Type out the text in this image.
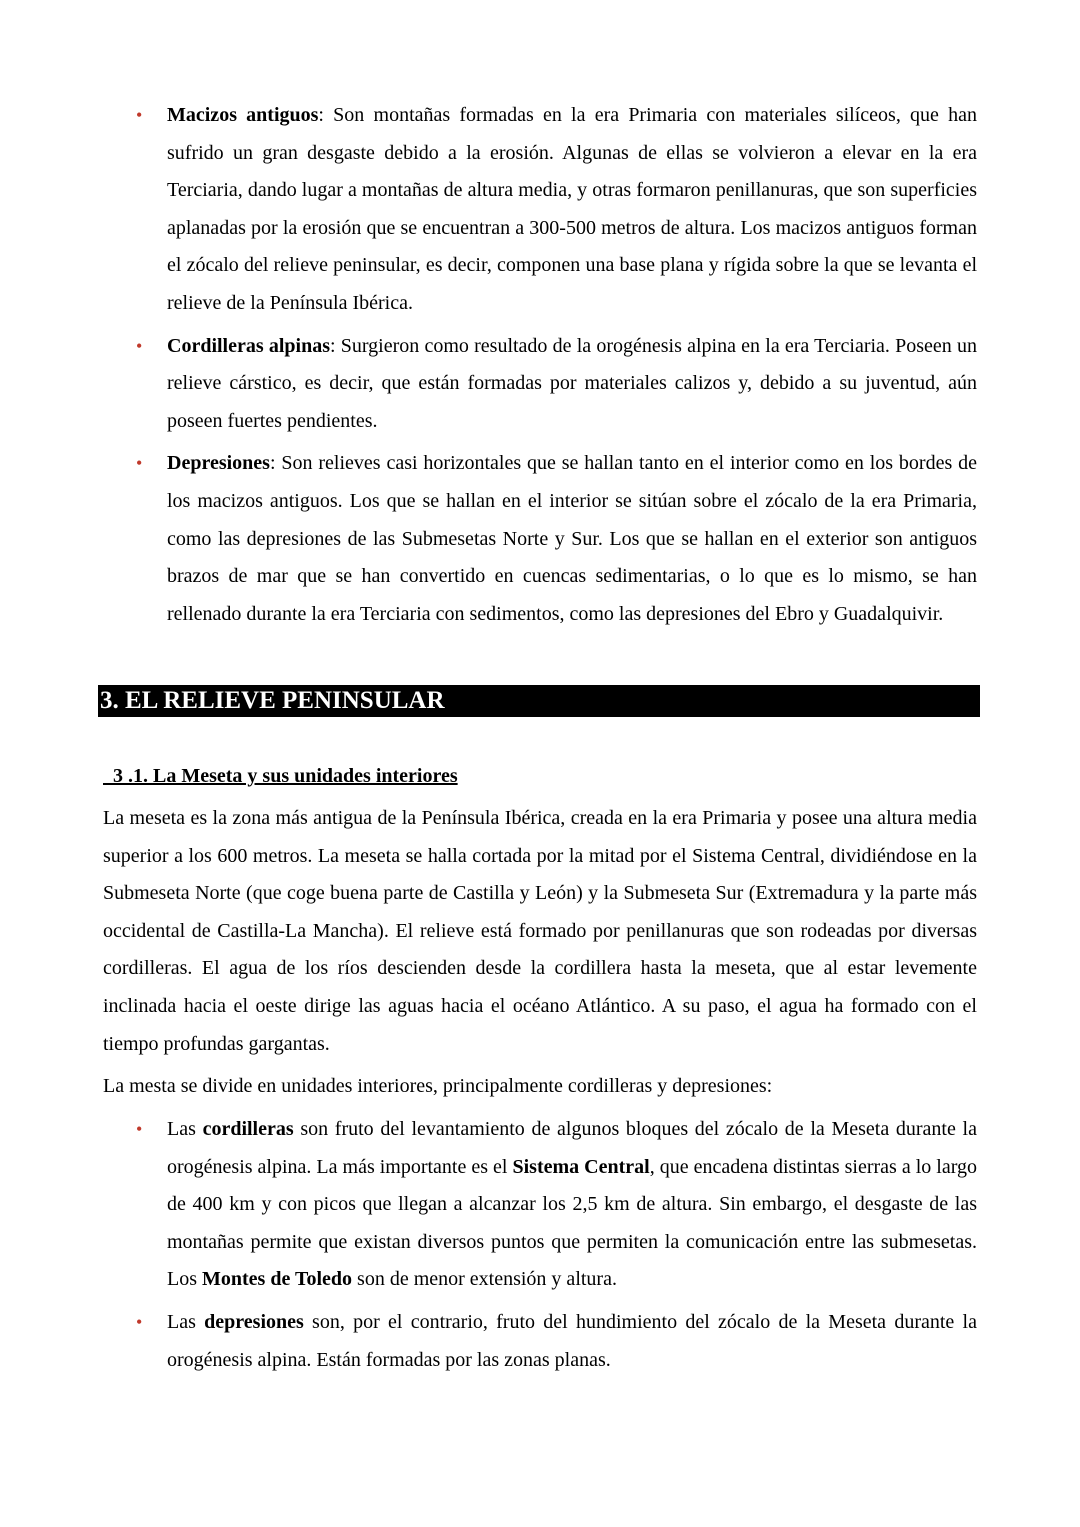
• Macizos antiguos: Son montañas formadas en la era Primaria con materiales silíceos, que han sufrido un gran desgaste debido a la erosión. Algunas de ellas se volvieron a elevar en la era Terciaria, dando lugar a montañas de altura media, y otras formaron penillanuras, que son superficies aplanadas por la erosión que se encuentran a 300-500 metros de altura. Los macizos antiguos forman el zócalo del relieve peninsular, es decir, componen una base plana y rígida sobre la que se levanta el relieve de la Península Ibérica.
• Cordilleras alpinas: Surgieron como resultado de la orogénesis alpina en la era Terciaria. Poseen un relieve cárstico, es decir, que están formadas por materiales calizos y, debido a su juventud, aún poseen fuertes pendientes.
• Depresiones: Son relieves casi horizontales que se hallan tanto en el interior como en los bordes de los macizos antiguos. Los que se hallan en el interior se sitúan sobre el zócalo de la era Primaria, como las depresiones de las Submesetas Norte y Sur. Los que se hallan en el exterior son antiguos brazos de mar que se han convertido en cuencas sedimentarias, o lo que es lo mismo, se han rellenado durante la era Terciaria con sedimentos, como las depresiones del Ebro y Guadalquivir.
3. EL RELIEVE PENINSULAR
3 .1. La Meseta y sus unidades interiores

La meseta es la zona más antigua de la Península Ibérica, creada en la era Primaria y posee una altura media superior a los 600 metros. La meseta se halla cortada por la mitad por el Sistema Central, dividiéndose en la Submeseta Norte (que coge buena parte de Castilla y León) y la Submeseta Sur (Extremadura y la parte más occidental de Castilla-La Mancha). El relieve está formado por penillanuras que son rodeadas por diversas cordilleras. El agua de los ríos descienden desde la cordillera hasta la meseta, que al estar levemente inclinada hacia el oeste dirige las aguas hacia el océano Atlántico. A su paso, el agua ha formado con el tiempo profundas gargantas.

La mesta se divide en unidades interiores, principalmente cordilleras y depresiones:

• Las cordilleras son fruto del levantamiento de algunos bloques del zócalo de la Meseta durante la orogénesis alpina. La más importante es el Sistema Central, que encadena distintas sierras a lo largo de 400 km y con picos que llegan a alcanzar los 2,5 km de altura. Sin embargo, el desgaste de las montañas permite que existan diversos puntos que permiten la comunicación entre las submesetas. Los Montes de Toledo son de menor extensión y altura.
• Las depresiones son, por el contrario, fruto del hundimiento del zócalo de la Meseta durante la orogénesis alpina. Están formadas por las zonas planas.
